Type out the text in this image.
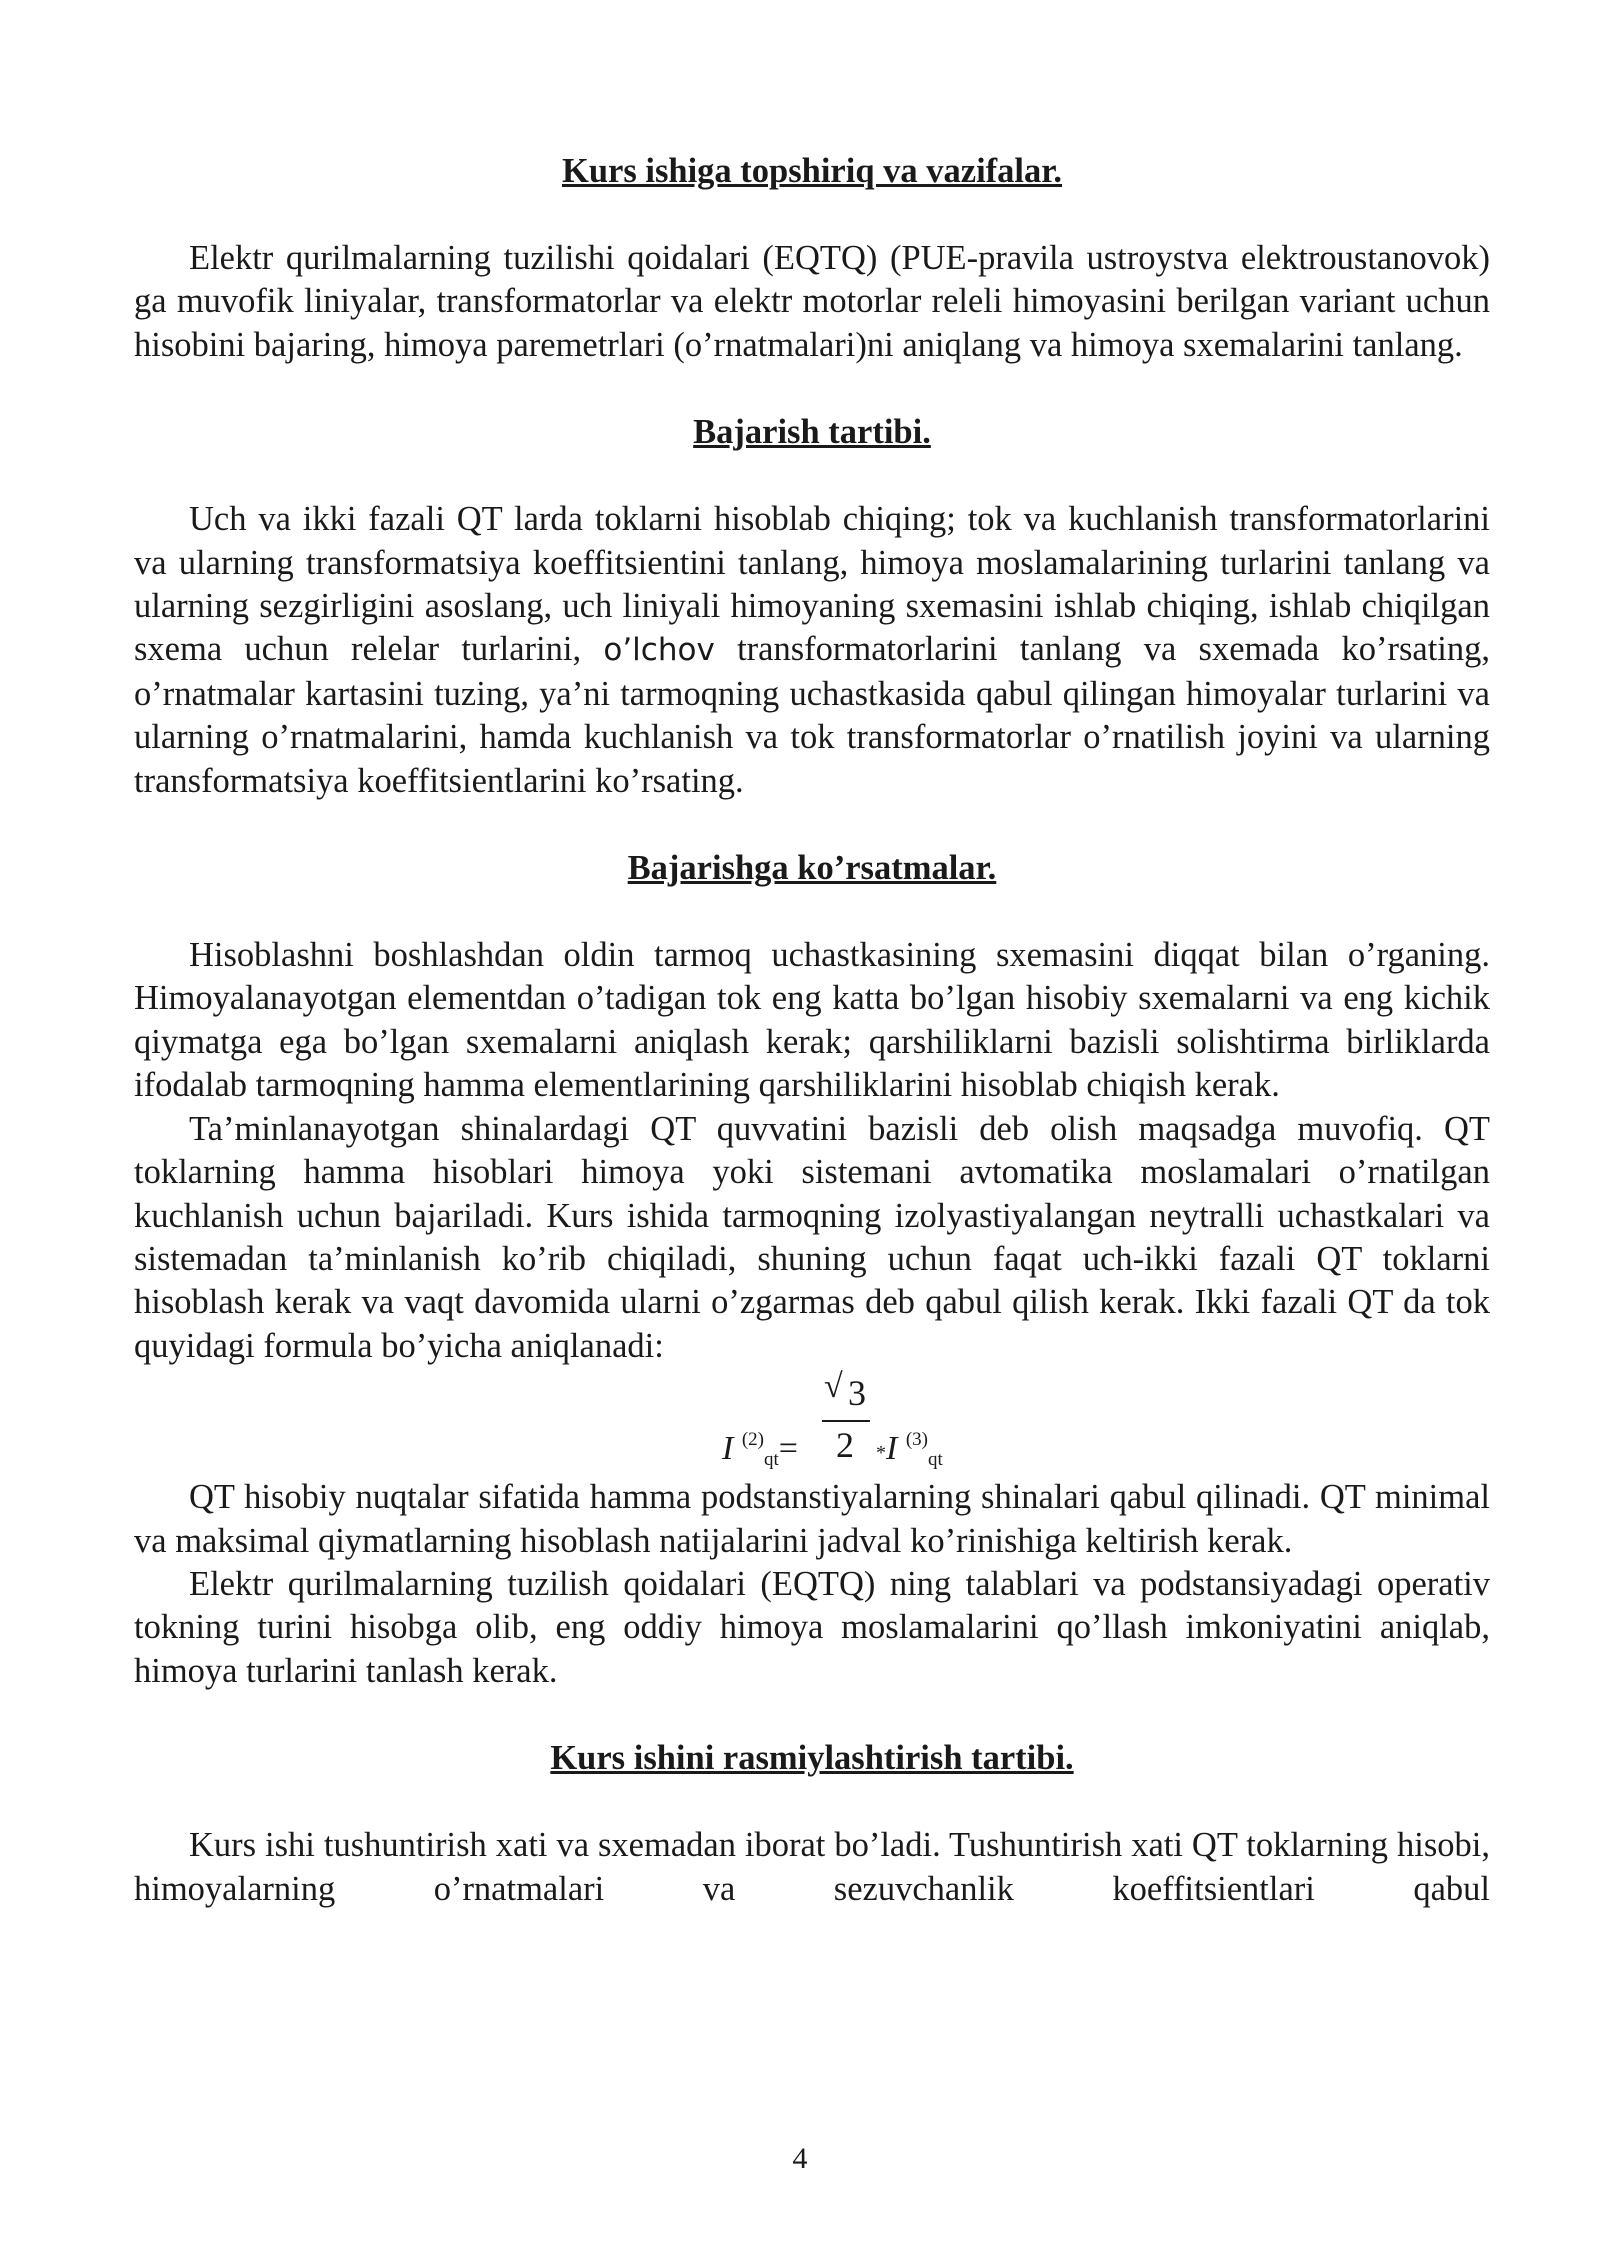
Kurs ishiga topshiriq va vazifalar.

Elektr qurilmalarning tuzilishi qoidalari (EQTQ) (PUE-pravila ustroystva elektroustanovok) ga muvofik liniyalar, transformatorlar va elektr motorlar releli himoyasini berilgan variant uchun hisobini bajaring, himoya paremetrlari (o’rnatmalari)ni aniqlang va himoya sxemalarini tanlang.

Bajarish tartibi.

Uch va ikki fazali QT larda toklarni hisoblab chiqing; tok va kuchlanish transformatorlarini va ularning transformatsiya koeffitsientini tanlang, himoya moslamalarining turlarini tanlang va ularning sezgirligini asoslang, uch liniyali himoyaning sxemasini ishlab chiqing, ishlab chiqilgan sxema uchun relelar turlarini, o’lchov transformatorlarini tanlang va sxemada ko’rsating, o’rnatmalar kartasini tuzing, ya’ni tarmoqning uchastkasida qabul qilingan himoyalar turlarini va ularning o’rnatmalarini, hamda kuchlanish va tok transformatorlar o’rnatilish joyini va ularning transformatsiya koeffitsientlarini ko’rsating.

Bajarishga ko’rsatmalar.

Hisoblashni boshlashdan oldin tarmoq uchastkasining sxemasini diqqat bilan o’rganing. Himoyalanayotgan elementdan o’tadigan tok eng katta bo’lgan hisobiy sxemalarni va eng kichik qiymatga ega bo’lgan sxemalarni aniqlash kerak; qarshiliklarni bazisli solishtirma birliklarda ifodalab tarmoqning hamma elementlarining qarshiliklarini hisoblab chiqish kerak.

Ta’minlanayotgan shinalardagi QT quvvatini bazisli deb olish maqsadga muvofiq. QT toklarning hamma hisoblari himoya yoki sistemani avtomatika moslamalari o’rnatilgan kuchlanish uchun bajariladi. Kurs ishida tarmoqning izolyastiyalangan neytralli uchastkalari va sistemadan ta’minlanish ko’rib chiqiladi, shuning uchun faqat uch-ikki fazali QT toklarni hisoblash kerak va vaqt davomida ularni o’zgarmas deb qabul qilish kerak. Ikki fazali QT da tok quyidagi formula bo’yicha aniqlanadi:

√ 3
2
I $^{(2)}$qt=	*I $^{(3)}$qt

QT hisobiy nuqtalar sifatida hamma podstanstiyalarning shinalari qabul qilinadi. QT minimal va maksimal qiymatlarning hisoblash natijalarini jadval ko’rinishiga keltirish kerak.

Elektr qurilmalarning tuzilish qoidalari (EQTQ) ning talablari va podstansiyadagi operativ tokning turini hisobga olib, eng oddiy himoya moslamalarini qo’llash imkoniyatini aniqlab, himoya turlarini tanlash kerak.

Kurs ishini rasmiylashtirish tartibi.

Kurs ishi tushuntirish xati va sxemadan iborat bo’ladi. Tushuntirish xati QT toklarning hisobi, himoyalarning o’rnatmalari va sezuvchanlik koeffitsientlari qabul

4
